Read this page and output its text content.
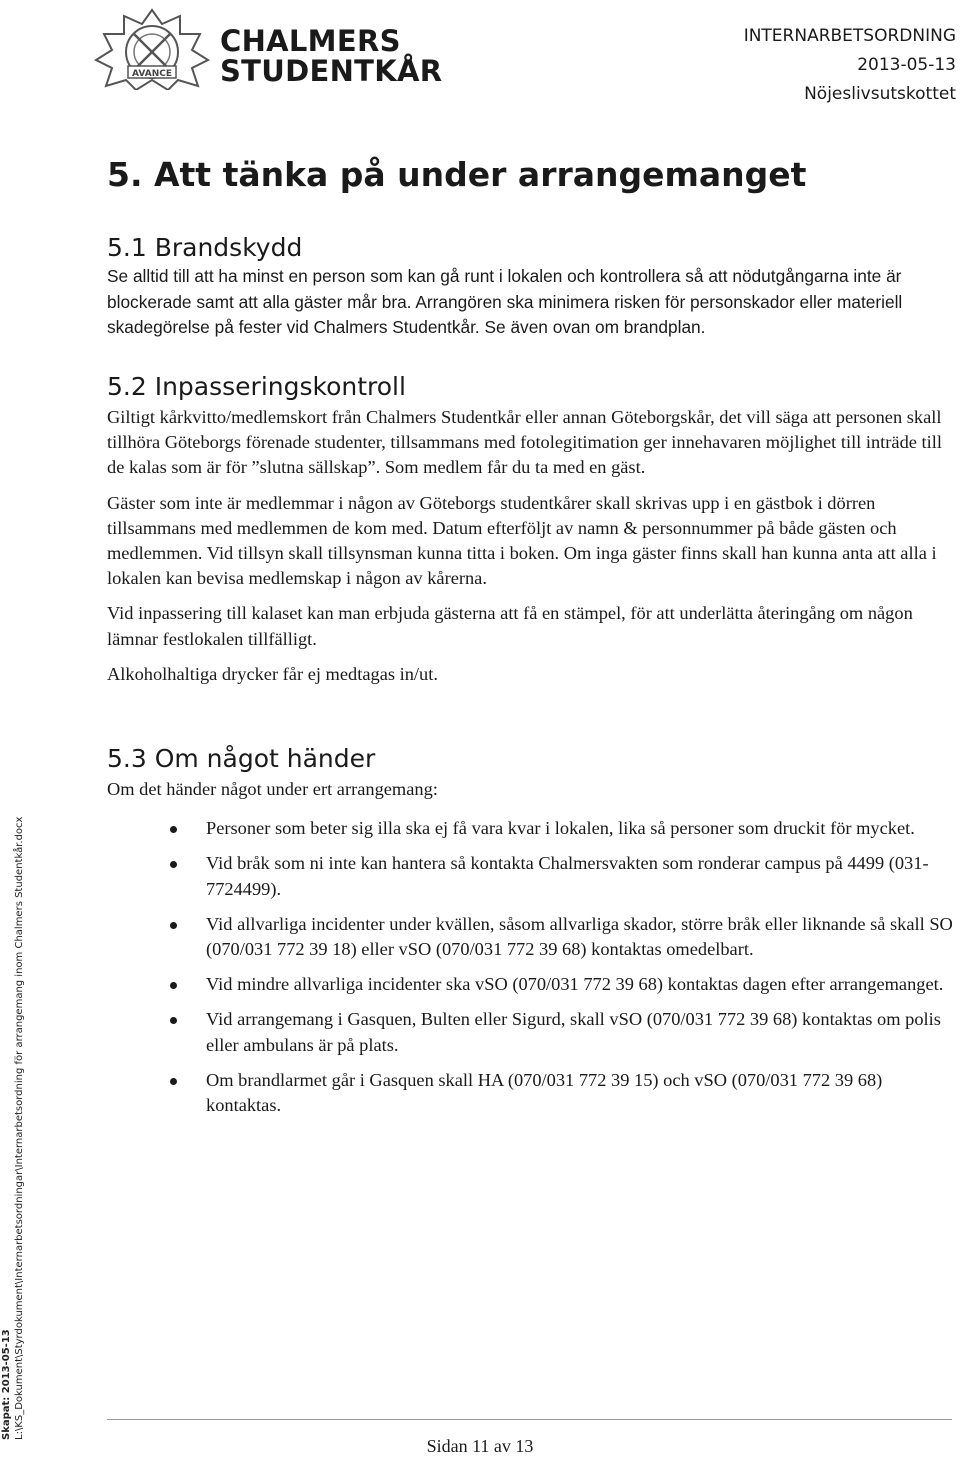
AVANCE
CHALMERS
STUDENTKÅR
INTERNARBETSORDNING
2013-05-13
Nöjeslivsutskottet
5. Att tänka på under arrangemanget
5.1 Brandskydd

Se alltid till att ha minst en person som kan gå runt i lokalen och kontrollera så att nödutgångarna inte är blockerade samt att alla gäster mår bra. Arrangören ska minimera risken för personskador eller materiell skadegörelse på fester vid Chalmers Studentkår. Se även ovan om brandplan.

5.2 Inpasseringskontroll

Giltigt kårkvitto/medlemskort från Chalmers Studentkår eller annan Göteborgskår, det vill säga att personen skall tillhöra Göteborgs förenade studenter, tillsammans med fotolegitimation ger innehavaren möjlighet till inträde till de kalas som är för ”slutna sällskap”. Som medlem får du ta med en gäst.

Gäster som inte är medlemmar i någon av Göteborgs studentkårer skall skrivas upp i en gästbok i dörren tillsammans med medlemmen de kom med. Datum efterföljt av namn & personnummer på både gästen och medlemmen. Vid tillsyn skall tillsynsman kunna titta i boken. Om inga gäster finns skall han kunna anta att alla i lokalen kan bevisa medlemskap i någon av kårerna.

Vid inpassering till kalaset kan man erbjuda gästerna att få en stämpel, för att underlätta återingång om någon lämnar festlokalen tillfälligt.

Alkoholhaltiga drycker får ej medtagas in/ut.

5.3 Om något händer

Om det händer något under ert arrangemang:

Personer som beter sig illa ska ej få vara kvar i lokalen, lika så personer som druckit för mycket.
Vid bråk som ni inte kan hantera så kontakta Chalmersvakten som ronderar campus på 4499 (031-7724499).
Vid allvarliga incidenter under kvällen, såsom allvarliga skador, större bråk eller liknande så skall SO (070/031 772 39 18) eller vSO (070/031 772 39 68) kontaktas omedelbart.
Vid mindre allvarliga incidenter ska vSO (070/031 772 39 68) kontaktas dagen efter arrangemanget.
Vid arrangemang i Gasquen, Bulten eller Sigurd, skall vSO (070/031 772 39 68) kontaktas om polis eller ambulans är på plats.
Om brandlarmet går i Gasquen skall HA (070/031 772 39 15) och vSO (070/031 772 39 68) kontaktas.
Skapat: 2013-05-13 L:\KS_Dokument\Styrdokument\Internarbetsordningar\Internarbetsordning för arrangemang inom Chalmers Studentkår.docx
Sidan 11 av 13
